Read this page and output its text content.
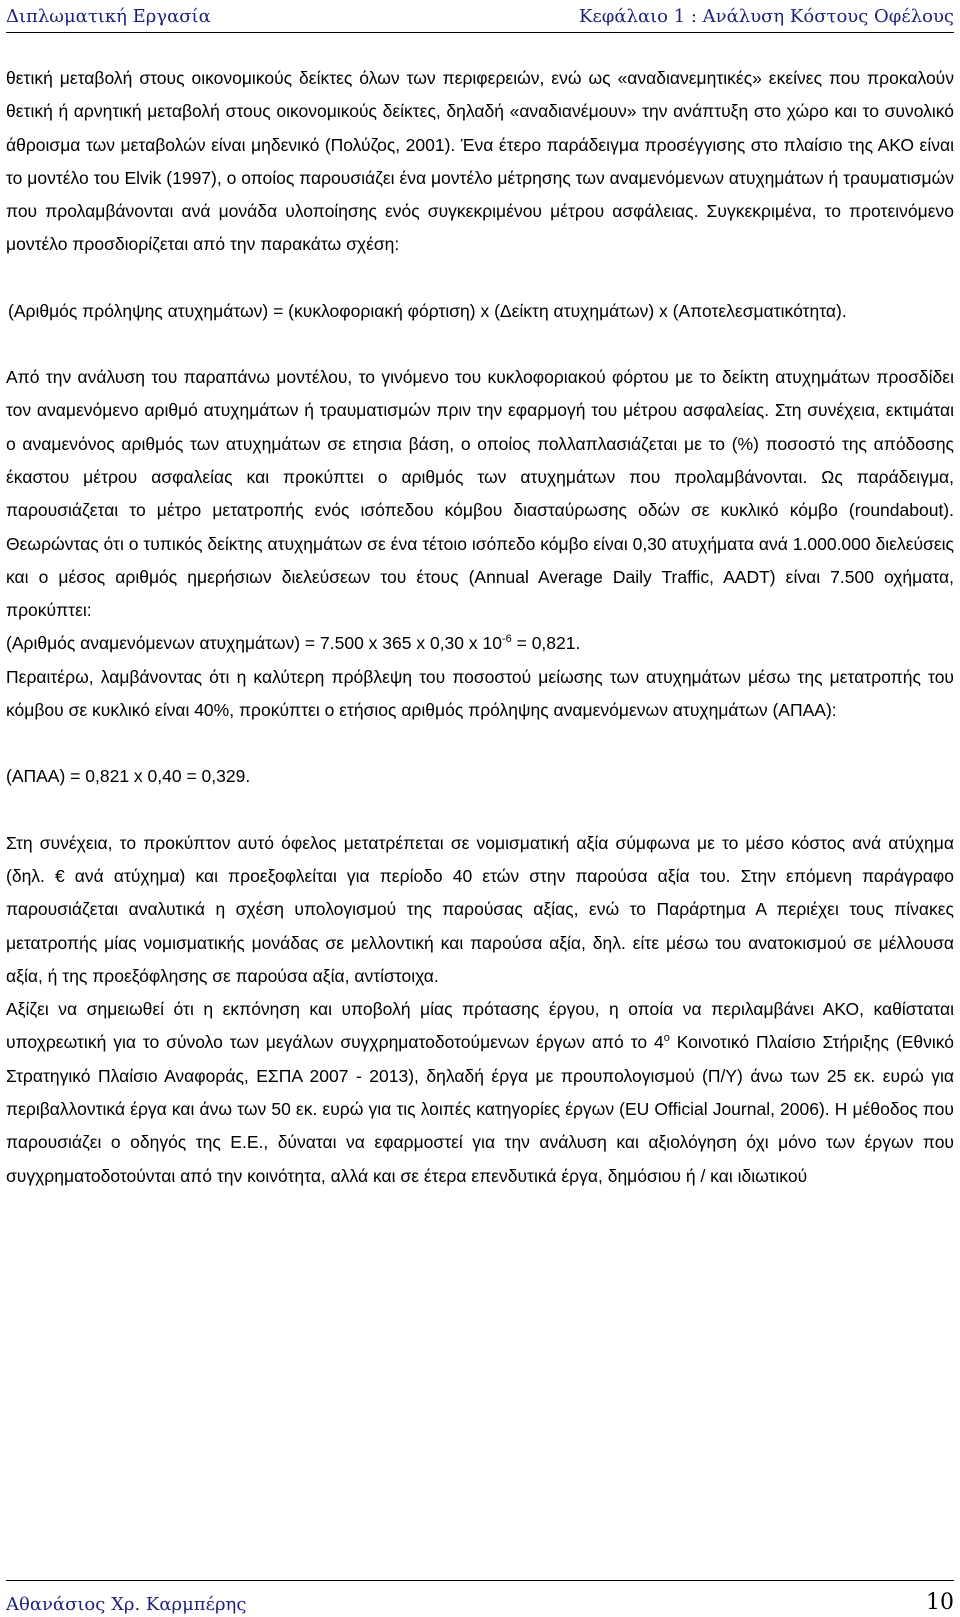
Διπλωματική Εργασία	Κεφάλαιο 1 : Ανάλυση Κόστους Οφέλους

θετική μεταβολή στους οικονομικούς δείκτες όλων των περιφερειών, ενώ ως «αναδιανεμητικές» εκείνες που προκαλούν θετική ή αρνητική μεταβολή στους οικονομικούς δείκτες, δηλαδή «αναδιανέμουν» την ανάπτυξη στο χώρο και το συνολικό άθροισμα των μεταβολών είναι μηδενικό (Πολύζος, 2001). Ένα έτερο παράδειγμα προσέγγισης στο πλαίσιο της ΑΚΟ είναι το μοντέλο του Elvik (1997), ο οποίος παρουσιάζει ένα μοντέλο μέτρησης των αναμενόμενων ατυχημάτων ή τραυματισμών που προλαμβάνονται ανά μονάδα υλοποίησης ενός συγκεκριμένου μέτρου ασφάλειας. Συγκεκριμένα, το προτεινόμενο μοντέλο προσδιορίζεται από την παρακάτω σχέση:

(Αριθμός πρόληψης ατυχημάτων) = (κυκλοφοριακή φόρτιση) x (Δείκτη ατυχημάτων) x (Αποτελεσματικότητα).

Από την ανάλυση του παραπάνω μοντέλου, το γινόμενο του κυκλοφοριακού φόρτου με το δείκτη ατυχημάτων προσδίδει τον αναμενόμενο αριθμό ατυχημάτων ή τραυματισμών πριν την εφαρμογή του μέτρου ασφαλείας. Στη συνέχεια, εκτιμάται ο αναμενόνος αριθμός των ατυχημάτων σε ετησια βάση, ο οποίος πολλαπλασιάζεται με το (%) ποσοστό της απόδοσης έκαστου μέτρου ασφαλείας και προκύπτει ο αριθμός των ατυχημάτων που προλαμβάνονται. Ως παράδειγμα, παρουσιάζεται το μέτρο μετατροπής ενός ισόπεδου κόμβου διασταύρωσης οδών σε κυκλικό κόμβο (roundabout). Θεωρώντας ότι ο τυπικός δείκτης ατυχημάτων σε ένα τέτοιο ισόπεδο κόμβο είναι 0,30 ατυχήματα ανά 1.000.000 διελεύσεις και ο μέσος αριθμός ημερήσιων διελεύσεων του έτους (Annual Average Daily Traffic, AADT) είναι 7.500 οχήματα, προκύπτει:

(Αριθμός αναμενόμενων ατυχημάτων) = 7.500 x 365 x 0,30 x $10^{-6} = 0,821$.

Περαιτέρω, λαμβάνοντας ότι η καλύτερη πρόβλεψη του ποσοστού μείωσης των ατυχημάτων μέσω της μετατροπής του κόμβου σε κυκλικό είναι 40%, προκύπτει ο ετήσιος αριθμός πρόληψης αναμενόμενων ατυχημάτων (ΑΠΑΑ):

(ΑΠΑΑ) = 0,821 x 0,40 = 0,329.

Στη συνέχεια, το προκύπτον αυτό όφελος μετατρέπεται σε νομισματική αξία σύμφωνα με το μέσο κόστος ανά ατύχημα (δηλ. € ανά ατύχημα) και προεξοφλείται για περίοδο 40 ετών στην παρούσα αξία του. Στην επόμενη παράγραφο παρουσιάζεται αναλυτικά η σχέση υπολογισμού της παρούσας αξίας, ενώ το Παράρτημα Α περιέχει τους πίνακες μετατροπής μίας νομισματικής μονάδας σε μελλοντική και παρούσα αξία, δηλ. είτε μέσω του ανατοκισμού σε μέλλουσα αξία, ή της προεξόφλησης σε παρούσα αξία, αντίστοιχα.

Αξίζει να σημειωθεί ότι η εκπόνηση και υποβολή μίας πρότασης έργου, η οποία να περιλαμβάνει ΑΚΟ, καθίσταται υποχρεωτική για το σύνολο των μεγάλων συγχρηματοδοτούμενων έργων από το $4^o$ Κοινοτικό Πλαίσιο Στήριξης (Εθνικό Στρατηγικό Πλαίσιο Αναφοράς, ΕΣΠΑ 2007 - 2013), δηλαδή έργα με προυπολογισμού (Π/Υ) άνω των 25 εκ. ευρώ για περιβαλλοντικά έργα και άνω των 50 εκ. ευρώ για τις λοιπές κατηγορίες έργων (EU Official Journal, 2006). Η μέθοδος που παρουσιάζει ο οδηγός της Ε.Ε., δύναται να εφαρμοστεί για την ανάλυση και αξιολόγηση όχι μόνο των έργων που συγχρηματοδοτούνται από την κοινότητα, αλλά και σε έτερα επενδυτικά έργα, δημόσιου ή / και ιδιωτικού

Αθανάσιος Χρ. Καρμπέρης	10
